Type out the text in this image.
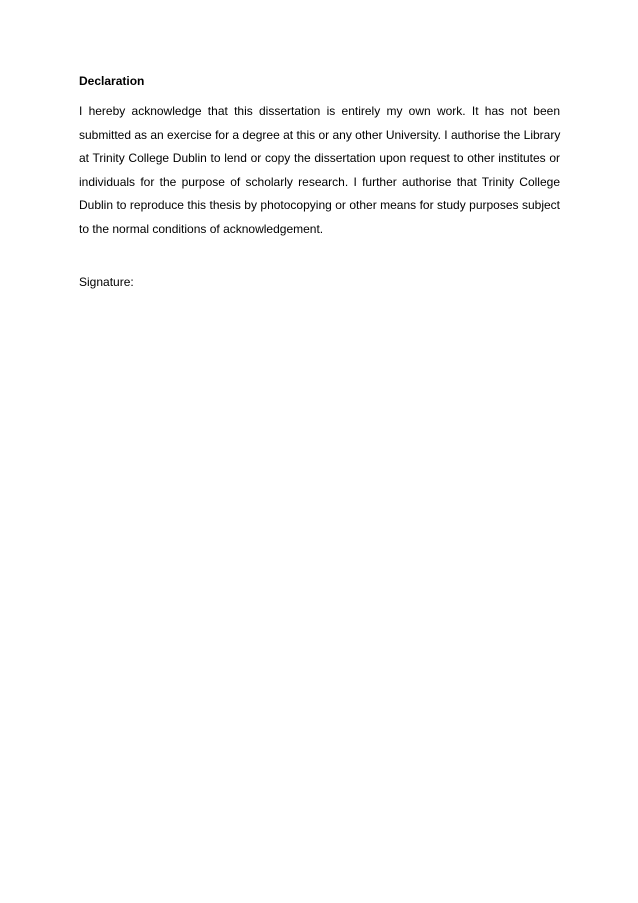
Declaration

I hereby acknowledge that this dissertation is entirely my own work. It has not been
submitted as an exercise for a degree at this or any other University. I authorise the Library
at Trinity College Dublin to lend or copy the dissertation upon request to other institutes or
individuals for the purpose of scholarly research. I further authorise that Trinity College
Dublin to reproduce this thesis by photocopying or other means for study purposes subject
to the normal conditions of acknowledgement.

Signature:
